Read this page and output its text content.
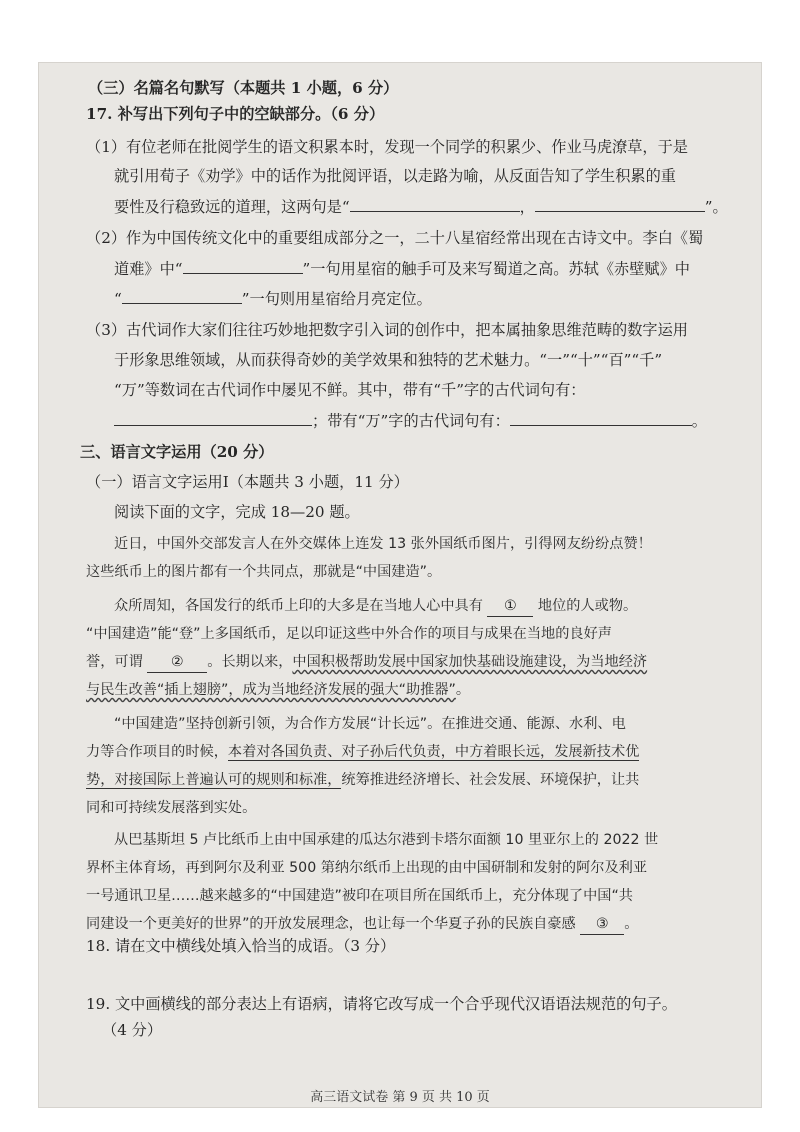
（三）名篇名句默写（本题共 1 小题，6 分）
17. 补写出下列句子中的空缺部分。（6 分）
（1）有位老师在批阅学生的语文积累本时，发现一个同学的积累少、作业马虎潦草，于是
就引用荀子《劝学》中的话作为批阅评语，以走路为喻，从反面告知了学生积累的重
要性及行稳致远的道理，这两句是“	，	”。
（2）作为中国传统文化中的重要组成部分之一，二十八星宿经常出现在古诗文中。李白《蜀
道难》中“	”一句用星宿的触手可及来写蜀道之高。苏轼《赤壁赋》中
“	”一句则用星宿给月亮定位。
（3）古代词作大家们往往巧妙地把数字引入词的创作中，把本属抽象思维范畴的数字运用
于形象思维领域，从而获得奇妙的美学效果和独特的艺术魅力。“一”“十”“百”“千”
“万”等数词在古代词作中屡见不鲜。其中，带有“千”字的古代词句有：
；带有“万”字的古代词句有：	。
三、语言文字运用（20 分）
（一）语言文字运用Ⅰ（本题共 3 小题，11 分）
阅读下面的文字，完成 18—20 题。
近日，中国外交部发言人在外交媒体上连发 13 张外国纸币图片，引得网友纷纷点赞！
这些纸币上的图片都有一个共同点，那就是“中国建造”。
众所周知，各国发行的纸币上印的大多是在当地人心中具有 ① 地位的人或物。
“中国建造”能“登”上多国纸币，足以印证这些中外合作的项目与成果在当地的良好声
誉，可谓 ② 。长期以来，中国积极帮助发展中国家加快基础设施建设，为当地经济
与民生改善“插上翅膀”，成为当地经济发展的强大“助推器”。
“中国建造”坚持创新引领，为合作方发展“计长远”。在推进交通、能源、水利、电
力等合作项目的时候，本着对各国负责、对子孙后代负责，中方着眼长远，发展新技术优
势，对接国际上普遍认可的规则和标准，统筹推进经济增长、社会发展、环境保护，让共
同和可持续发展落到实处。
从巴基斯坦 5 卢比纸币上由中国承建的瓜达尔港到卡塔尔面额 10 里亚尔上的 2022 世
界杯主体育场，再到阿尔及利亚 500 第纳尔纸币上出现的由中国研制和发射的阿尔及利亚
一号通讯卫星……越来越多的“中国建造”被印在项目所在国纸币上，充分体现了中国“共
同建设一个更美好的世界”的开放发展理念，也让每一个华夏子孙的民族自豪感 ③ 。
18. 请在文中横线处填入恰当的成语。（3 分）
19. 文中画横线的部分表达上有语病，请将它改写成一个合乎现代汉语语法规范的句子。
（4 分）
高三语文试卷 第 9 页 共 10 页
